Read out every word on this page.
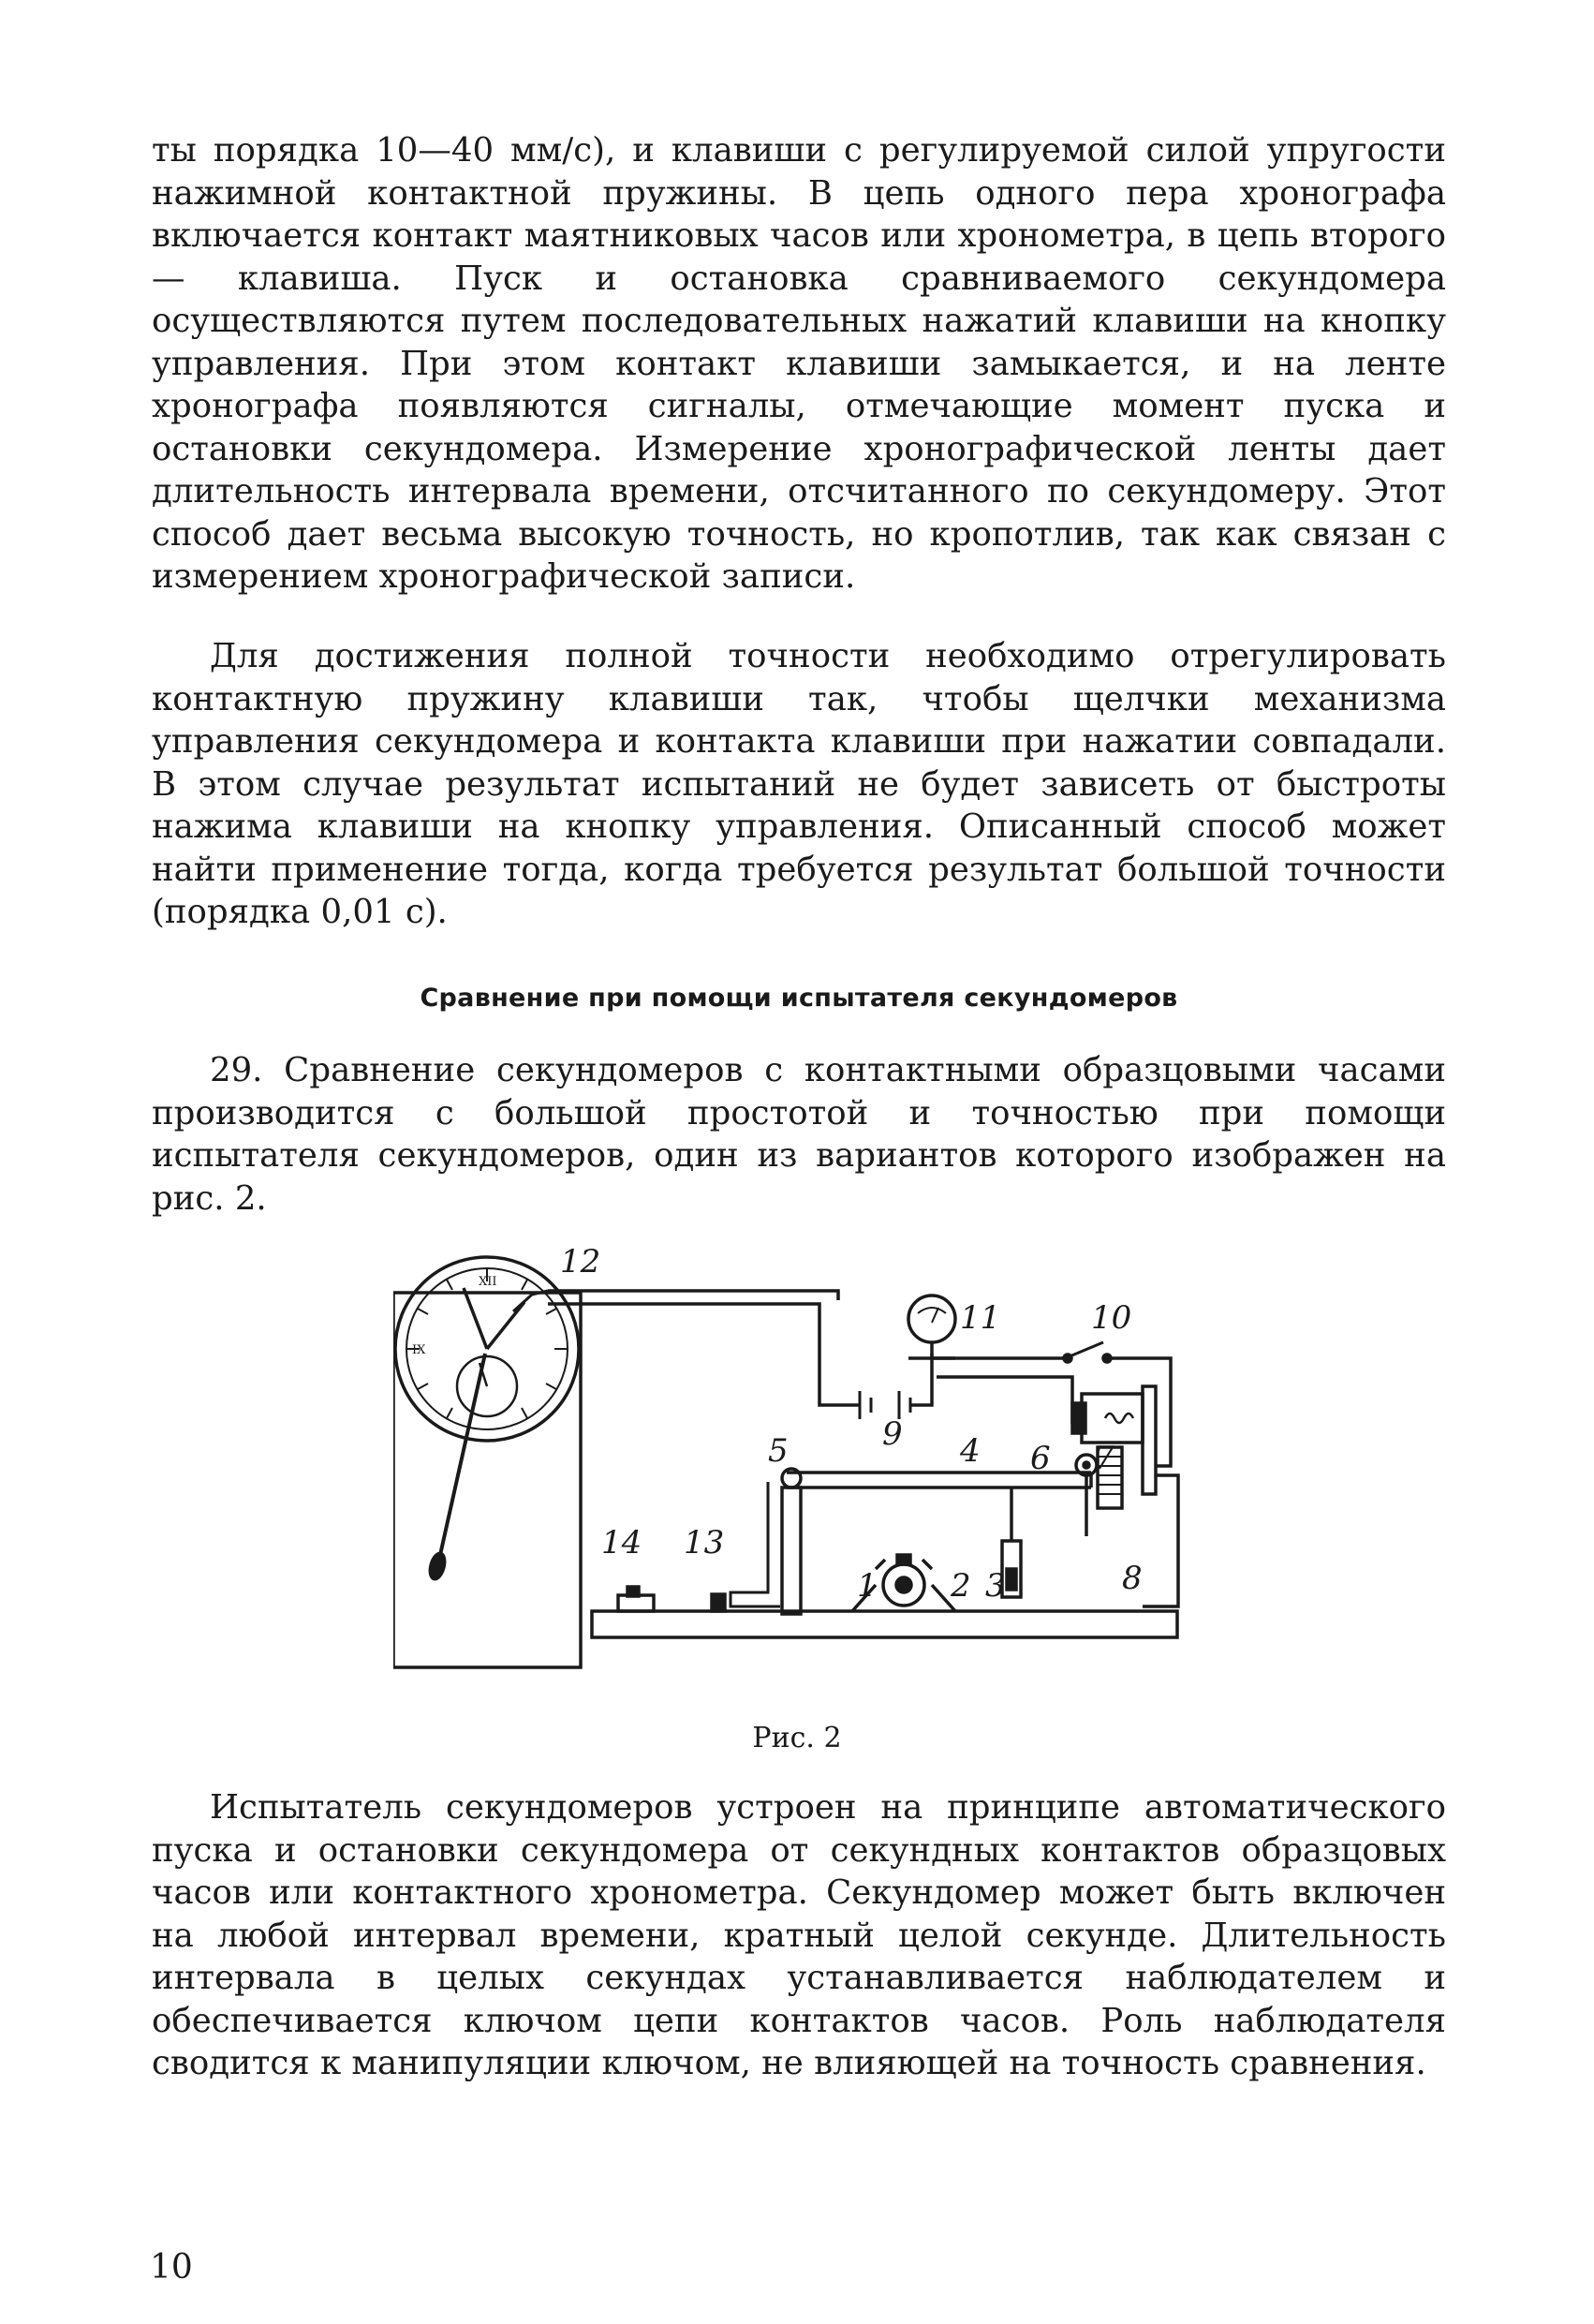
ты порядка 10—40 мм/с), и клавиши с регулируемой силой упругости нажимной контактной пружины. В цепь одного пера хронографа включается контакт маятниковых часов или хронометра, в цепь второго — клавиша. Пуск и остановка сравниваемого секундомера осуществляются путем последовательных нажатий клавиши на кнопку управления. При этом контакт клавиши замыкается, и на ленте хронографа появляются сигналы, отмечающие момент пуска и остановки секундомера. Измерение хронографической ленты дает длительность интервала времени, отсчитанного по секундомеру. Этот способ дает весьма высокую точность, но кропотлив, так как связан с измерением хронографической записи.

Для достижения полной точности необходимо отрегулировать контактную пружину клавиши так, чтобы щелчки механизма управления секундомера и контакта клавиши при нажатии совпадали. В этом случае результат испытаний не будет зависеть от быстроты нажима клавиши на кнопку управления. Описанный способ может найти применение тогда, когда требуется результат большой точности (порядка 0,01 с).

Сравнение при помощи испытателя секундомеров

29. Сравнение секундомеров с контактными образцовыми часами производится с большой простотой и точностью при помощи испытателя секундомеров, один из вариантов которого изображен на рис. 2.

XII
IX
12
11	10
9 4
5	6 7
8
1 2 3
13
14

Рис. 2

Испытатель секундомеров устроен на принципе автоматического пуска и остановки секундомера от секундных контактов образцовых часов или контактного хронометра. Секундомер может быть включен на любой интервал времени, кратный целой секунде. Длительность интервала в целых секундах устанавливается наблюдателем и обеспечивается ключом цепи контактов часов. Роль наблюдателя сводится к манипуляции ключом, не влияющей на точность сравнения.

10
